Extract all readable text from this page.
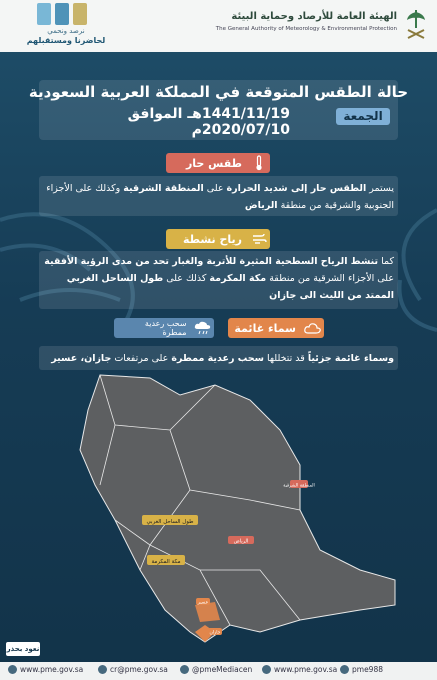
نرصد ونحمي
لحاضرنا ومستقبلهم
الهيئة العامة للأرصاد وحماية البيئة
The General Authority of Meteorology & Environmental Protection
حالة الطقس المتوقعة في المملكة العربية السعودية
الجمعة
1441/11/19هـ الموافق 2020/07/10م
طقس حار
يستمر الطقس حار إلى شديد الحرارة على المنطقة الشرقية وكذلك على الأجزاء الجنوبية والشرقية من منطقة الرياض
رياح نشطة
كما تنشط الرياح السطحية المثيرة للأتربة والغبار تحد من مدى الرؤية الأفقية على الأجزاء الشرقية من منطقة مكة المكرمة كذلك على طول الساحل الغربي الممتد من الليث الى جازان
سماء غائمة
سحب رعدية ممطرة
وسماء غائمة جزئياً قد تتخللها سحب رعدية ممطرة على مرتفعات جازان، عسير
طول الساحل الغربي
مكة المكرمة
الرياض
المنطقة الشرقية
عسير
جازان
نعود بحذر
www.pme.gov.sa	cr@pme.gov.sa	@pmeMediacen	www.pme.gov.sa pme988
